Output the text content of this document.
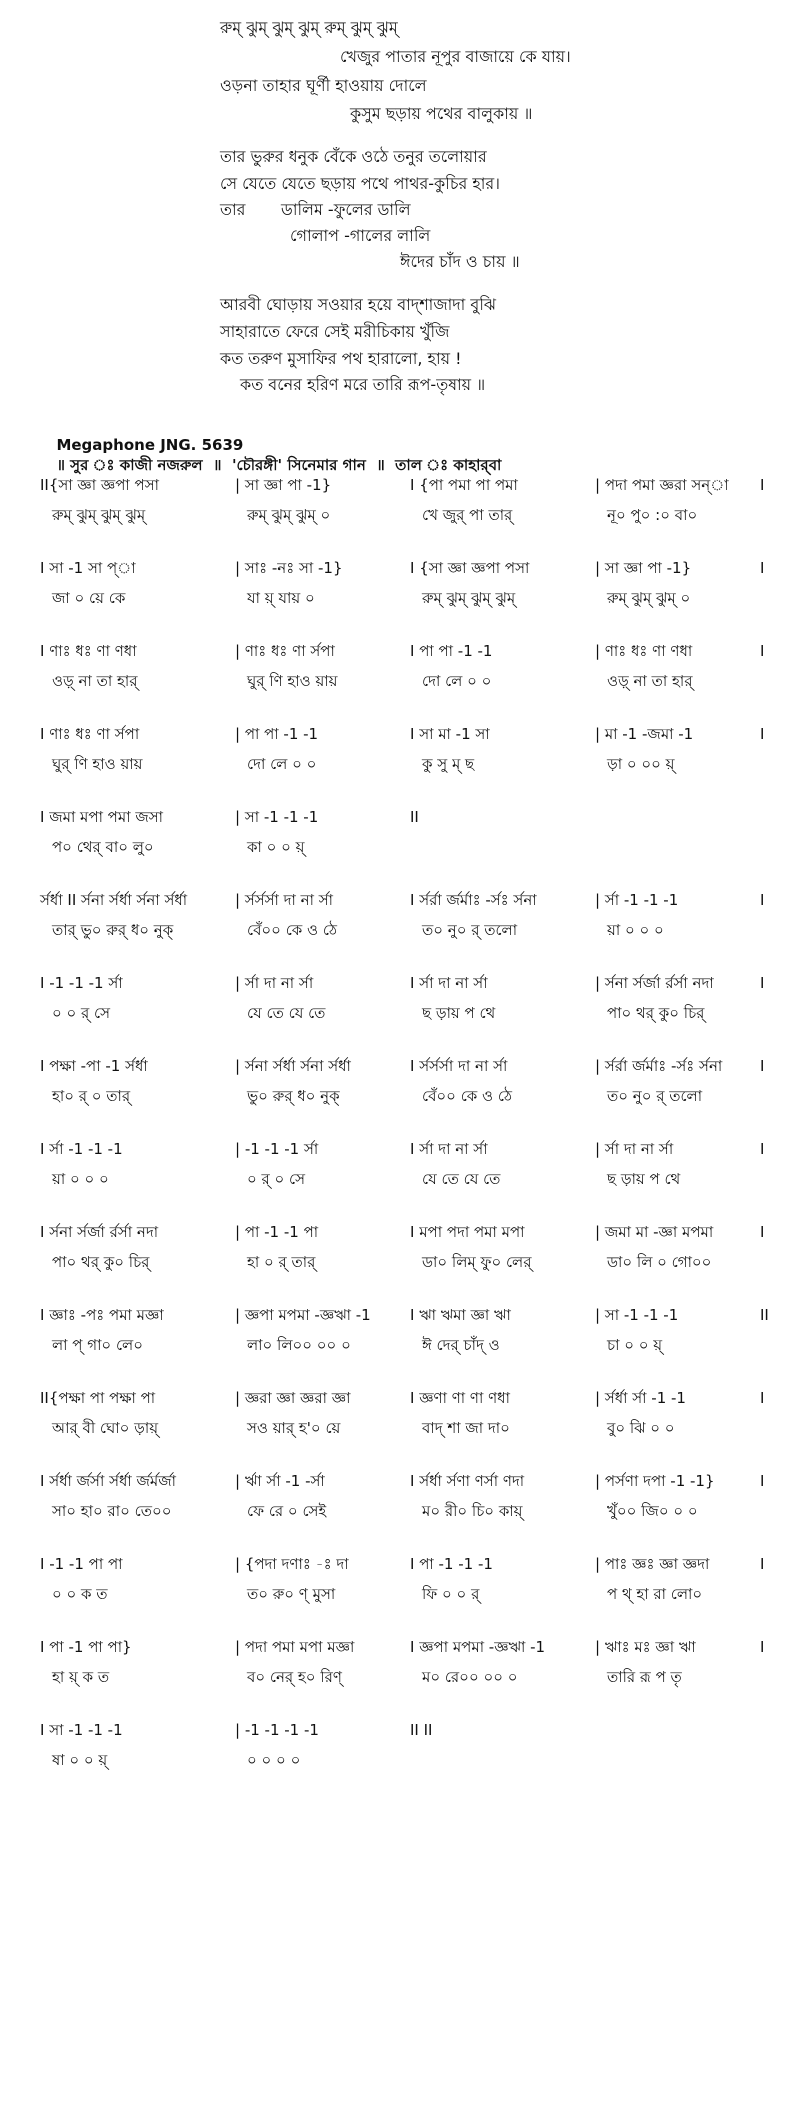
রুম্ ঝুম্ ঝুম্ ঝুম্ রুম্ ঝুম্ ঝুম্
খেজুর পাতার নূপুর বাজায়ে কে যায়।
ওড়না তাহার ঘূর্ণী হাওয়ায় দোলে
কুসুম ছড়ায় পথের বালুকায় ॥
তার ভুরুর ধনুক বেঁকে ওঠে তনুর তলোয়ার
সে যেতে যেতে ছড়ায় পথে পাথর-কুচির হার।
তার       ডালিম -ফুলের ডালি
গোলাপ -গালের লালি
ঈদের চাঁদ ও চায় ॥
আরবী ঘোড়ায় সওয়ার হয়ে বাদ্‌শাজাদা বুঝি
সাহারাতে ফেরে সেই মরীচিকায় খুঁজি
কত তরুণ মুসাফির পথ হারালো, হায় !
কত বনের হরিণ মরে তারি রূপ-তৃষায় ॥

Megaphone JNG. 5639
॥ সুর ঃ কাজী নজরুল  ॥  'চৌরঙ্গী' সিনেমার গান  ॥  তাল ঃ কাহার্‌বা

II{সা জ্ঞা জ্ঞপা পসা	| সা জ্ঞা পা -1}	I {পা পমা পা পমা	| পদা পমা জ্ঞরা সন্‌া I
রুম্ ঝুম্ ঝুম্ ঝুম্	রুম্ ঝুম্ ঝুম্ ০	খে জুর্ পা তার্	নূ০ পু০ :০ বা০
I সা -1 সা প্‌া	| সাঃ -নঃ সা -1}	I {সা জ্ঞা জ্ঞপা পসা	| সা জ্ঞা পা -1}	I
জা ০ য়ে কে	যা য়্ যায় ০	রুম্ ঝুম্ ঝুম্ ঝুম্	রুম্ ঝুম্ ঝুম্ ০
I ণাঃ ধঃ ণা ণধা	| ণাঃ ধঃ ণা র্সপা	I পা পা -1 -1	| ণাঃ ধঃ ণা ণধা	I
ওড়্ না তা হার্	ঘুর্ ণি হাও য়ায়	দো লে ০ ০	ওড়্ না তা হার্
I ণাঃ ধঃ ণা র্সপা	| পা পা -1 -1	I সা মা -1 সা	| মা -1 -জমা -1	I
ঘুর্ ণি হাও য়ায়	দো লে ০ ০	কু সু ম্ ছ	ড়া ০ ০০ য়্
I জমা মপা পমা জসা	| সা -1 -1 -1	II
প০ থের্ বা০ লু০	কা ০ ০ য়্
র্সর্ধা II র্সনা র্সর্ধা র্সনা র্সর্ধা	| র্সর্সর্সা দা না র্সা	I র্সর্রা র্জর্মাঃ -র্সঃ র্সনা	| র্সা -1 -1 -1	I
তার্ ভু০ রুর্ ধ০ নুক্	বেঁ০০ কে ও ঠে	ত০ নু০ র্ তলো	য়া ০ ০ ০
I -1 -1 -1 র্সা	| র্সা দা না র্সা	I র্সা দা না র্সা	| র্সনা র্সর্জা র্রর্সা নদা	I
০ ০ র্ সে	যে তে যে তে	ছ ড়ায় প থে	পা০ থর্ কু০ চির্
I পক্ষা -পা -1 র্সর্ধা	| র্সনা র্সর্ধা র্সনা র্সর্ধা	I র্সর্সর্সা দা না র্সা	| র্সর্রা র্জর্মাঃ -র্সঃ র্সনা	I
হা০ র্ ০ তার্	ভু০ রুর্ ধ০ নুক্	বেঁ০০ কে ও ঠে	ত০ নু০ র্ তলো
I র্সা -1 -1 -1	| -1 -1 -1 র্সা	I র্সা দা না র্সা	| র্সা দা না র্সা	I
য়া ০ ০ ০	০ র্ ০ সে	যে তে যে তে	ছ ড়ায় প থে
I র্সনা র্সর্জা র্রর্সা নদা	| পা -1 -1 পা	I মপা পদা পমা মপা	| জমা মা -জ্ঞা মপমা	I
পা০ থর্ কু০ চির্	হা ০ র্ তার্	ডা০ লিম্ ফু০ লের্	ডা০ লি ০ গো০০
I জ্ঞাঃ -পঃ পমা মজ্ঞা	| জ্ঞপা মপমা -জ্ঞঋা -1	I ঋা ঋমা জ্ঞা ঋা	| সা -1 -1 -1	II
লা প্ গা০ লে০	লা০ লি০০ ০০ ০	ঈ দের্ চাঁদ্ ও	চা ০ ০ য়্
II{পক্ষা পা পক্ষা পা	| জ্ঞরা জ্ঞা জ্ঞরা জ্ঞা	I জ্ঞণা ণা ণা ণধা	| র্সর্ধা র্সা -1 -1	I
আর্ বী ঘো০ ড়ায়্	সও য়ার্ হ'০ য়ে	বাদ্ শা জা দা০	বু০ ঝি ০ ০
I র্সর্ধা র্জর্সা র্সর্ধা র্জর্মর্জা	| র্ঋা র্সা -1 -র্সা	I র্সর্ধা র্সণা ণর্সা ণদা	| পর্সণা দপা -1 -1}	I
সা০ হা০ রা০ তে০০	ফে রে ০ সেই	ম০ রী০ চি০ কায়্	খুঁ০০ জি০ ০ ০
I -1 -1 পা পা	| {পদা দণাঃ -ঃ দা	I পা -1 -1 -1	| পাঃ জ্ঞঃ জ্ঞা জ্ঞদা	I
০ ০ ক ত	ত০ রু০ ণ্ মুসা	ফি ০ ০ র্	প থ্ হা রা লো০
I পা -1 পা পা}	| পদা পমা মপা মজ্ঞা	I জ্ঞপা মপমা -জ্ঞঋা -1	| ঋাঃ মঃ জ্ঞা ঋা	I
হা য়্ ক ত	ব০ নের্ হ০ রিণ্	ম০ রে০০ ০০ ০	তারি রূ প তৃ
I সা -1 -1 -1	| -1 -1 -1 -1	II II
ষা ০ ০ য়্	০ ০ ০ ০
